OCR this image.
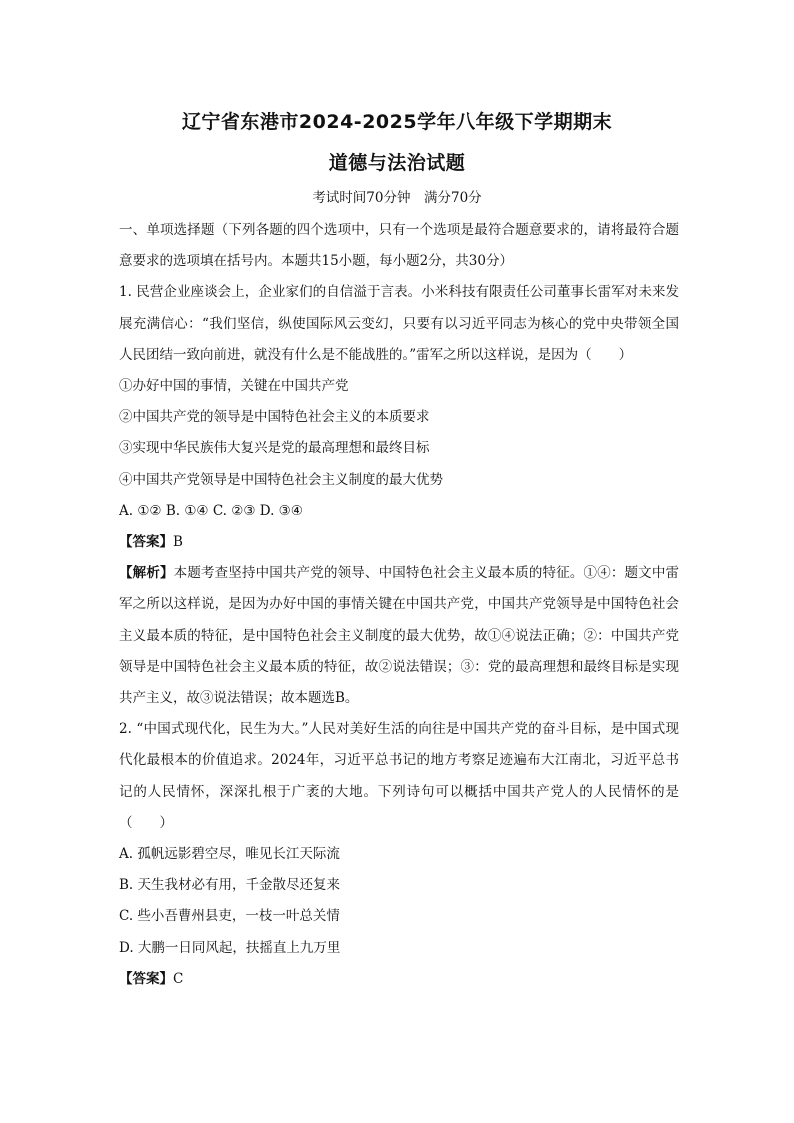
辽宁省东港市2024-2025学年八年级下学期期末
道德与法治试题
考试时间70分钟　满分70分

一、单项选择题（下列各题的四个选项中，只有一个选项是最符合题意要求的，请将最符合题意要求的选项填在括号内。本题共15小题，每小题2分，共30分）

1. 民营企业座谈会上，企业家们的自信溢于言表。小米科技有限责任公司董事长雷军对未来发展充满信心：“我们坚信，纵使国际风云变幻，只要有以习近平同志为核心的党中央带领全国人民团结一致向前进，就没有什么是不能战胜的。”雷军之所以这样说，是因为（　　）

①办好中国的事情，关键在中国共产党

②中国共产党的领导是中国特色社会主义的本质要求

③实现中华民族伟大复兴是党的最高理想和最终目标

④中国共产党领导是中国特色社会主义制度的最大优势

A. ①② B. ①④ C. ②③ D. ③④

【答案】B

【解析】本题考查坚持中国共产党的领导、中国特色社会主义最本质的特征。①④：题文中雷军之所以这样说，是因为办好中国的事情关键在中国共产党，中国共产党领导是中国特色社会主义最本质的特征，是中国特色社会主义制度的最大优势，故①④说法正确；②：中国共产党领导是中国特色社会主义最本质的特征，故②说法错误；③：党的最高理想和最终目标是实现共产主义，故③说法错误；故本题选B。

2. “中国式现代化，民生为大。”人民对美好生活的向往是中国共产党的奋斗目标，是中国式现代化最根本的价值追求。2024年，习近平总书记的地方考察足迹遍布大江南北，习近平总书记的人民情怀，深深扎根于广袤的大地。下列诗句可以概括中国共产党人的人民情怀的是（　　）

A. 孤帆远影碧空尽，唯见长江天际流

B. 天生我材必有用，千金散尽还复来

C. 些小吾曹州县吏，一枝一叶总关情

D. 大鹏一日同风起，扶摇直上九万里

【答案】C
